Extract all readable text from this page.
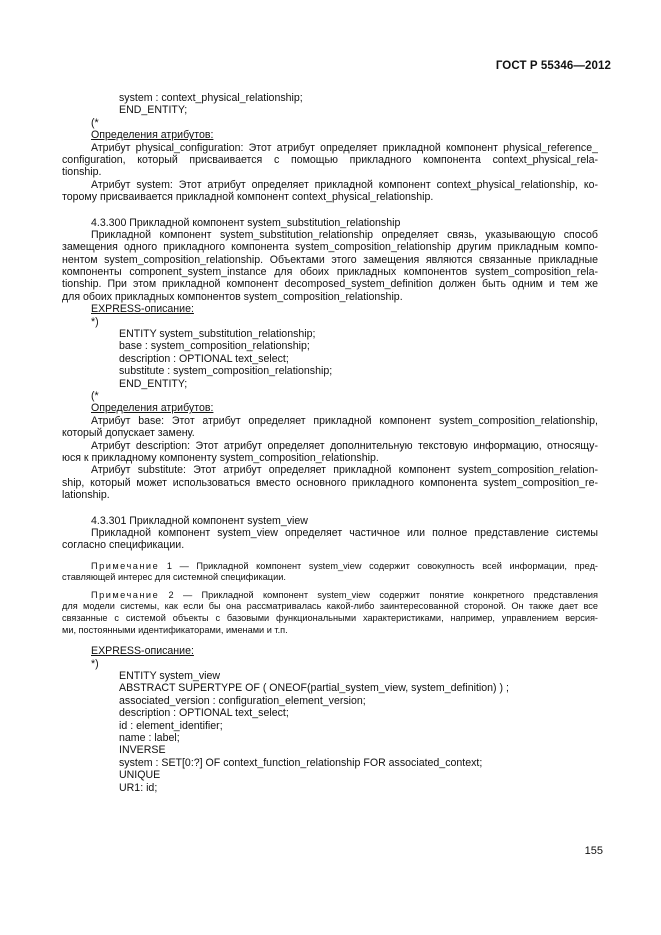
ГОСТ Р 55346—2012
system : context_physical_relationship;
END_ENTITY;
(*
Определения атрибутов:
Атрибут physical_configuration: Этот атрибут определяет прикладной компонент physical_reference_
configuration, который присваивается с помощью прикладного компонента context_physical_rela-
tionship.
Атрибут system: Этот атрибут определяет прикладной компонент context_physical_relationship, ко-
торому присваивается прикладной компонент context_physical_relationship.
4.3.300 Прикладной компонент system_substitution_relationship
Прикладной компонент system_substitution_relationship определяет связь, указывающую способ
замещения одного прикладного компонента system_composition_relationship другим прикладным компо-
нентом system_composition_relationship. Объектами этого замещения являются связанные прикладные
компоненты component_system_instance для обоих прикладных компонентов system_composition_rela-
tionship. При этом прикладной компонент decomposed_system_definition должен быть одним и тем же
для обоих прикладных компонентов system_composition_relationship.
EXPRESS-описание:
*)
ENTITY system_substitution_relationship;
base : system_composition_relationship;
description : OPTIONAL text_select;
substitute : system_composition_relationship;
END_ENTITY;
(*
Определения атрибутов:
Атрибут base: Этот атрибут определяет прикладной компонент system_composition_relationship,
который допускает замену.
Атрибут description: Этот атрибут определяет дополнительную текстовую информацию, относящу-
юся к прикладному компоненту system_composition_relationship.
Атрибут substitute: Этот атрибут определяет прикладной компонент system_composition_relation-
ship, который может использоваться вместо основного прикладного компонента system_composition_re-
lationship.
4.3.301 Прикладной компонент system_view
Прикладной компонент system_view определяет частичное или полное представление системы
согласно спецификации.
Примечание 1 — Прикладной компонент system_view содержит совокупность всей информации, пред-
ставляющей интерес для системной спецификации.
Примечание 2 — Прикладной компонент system_view содержит понятие конкретного представления
для модели системы, как если бы она рассматривалась какой-либо заинтересованной стороной. Он также дает все
связанные с системой объекты с базовыми функциональными характеристиками, например, управлением версия-
ми, постоянными идентификаторами, именами и т.п.
EXPRESS-описание:
*)
ENTITY system_view
ABSTRACT SUPERTYPE OF ( ONEOF(partial_system_view, system_definition) ) ;
associated_version : configuration_element_version;
description : OPTIONAL text_select;
id : element_identifier;
name : label;
INVERSE
system : SET[0:?] OF context_function_relationship FOR associated_context;
UNIQUE
UR1: id;
155
